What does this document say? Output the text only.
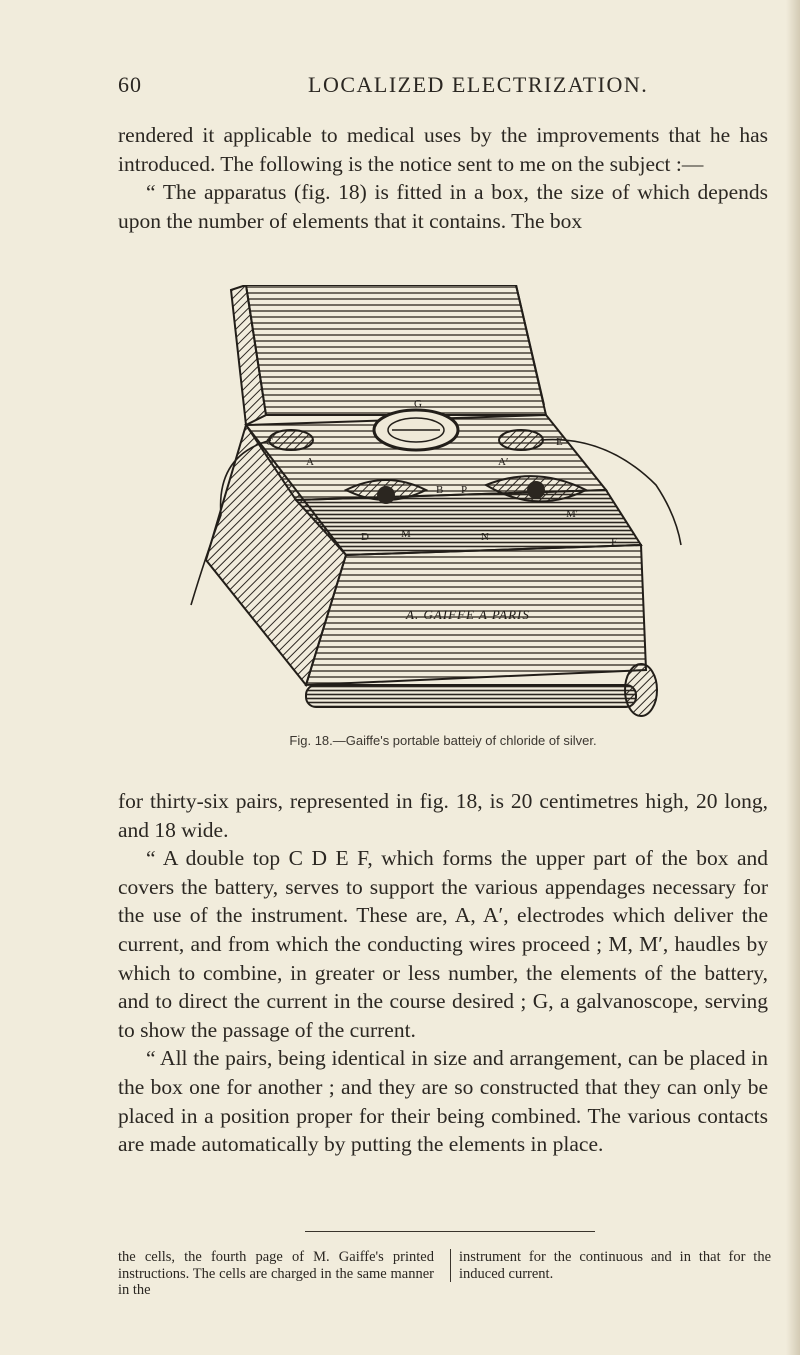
60	LOCALIZED ELECTRIZATION.

rendered it applicable to medical uses by the improvements that he has introduced. The following is the notice sent to me on the subject :—

“ The apparatus (fig. 18) is fitted in a box, the size of which depends upon the number of elements that it contains. The box

G
A	A′
C	E
B P
D	M
M′
N	F
A. GAIFFE A PARIS
Fig. 18.—Gaiffe's portable batteiy of chloride of silver.

for thirty-six pairs, represented in fig. 18, is 20 centimetres high, 20 long, and 18 wide.

“ A double top C D E F, which forms the upper part of the box and covers the battery, serves to support the various appendages necessary for the use of the instrument. These are, A, A′, electrodes which deliver the current, and from which the conducting wires proceed ; M, M′, haudles by which to combine, in greater or less number, the elements of the battery, and to direct the current in the course desired ; G, a galvanoscope, serving to show the passage of the current.

“ All the pairs, being identical in size and arrangement, can be placed in the box one for another ; and they are so constructed that they can only be placed in a position proper for their being combined. The various contacts are made automatically by putting the elements in place.

the cells, the fourth page of M. Gaiffe's printed instructions. The cells are charged in the same manner in the
instrument for the continuous and in that for the induced current.
